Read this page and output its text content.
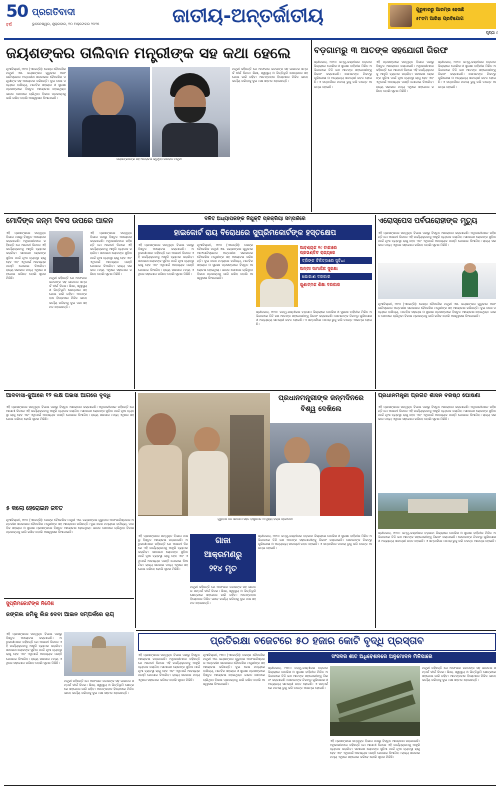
50
ବର୍ଷ
ପ୍ରଗତିବାଦୀ
ଭୁବନେଶ୍ୱର, ଶୁକ୍ରବାର, ୧୦ ଅକ୍ଟୋବର ୨୦୨୫	ଜାତୀୟ-ଅନ୍ତର୍ଜାତୀୟ	ଗୁରୁବାରରୁ ଆରମ୍ଭ ହେଉଛି
୫୮ତମ ଆରିହା ପ୍ରତିଯୋଗ
ପୃଷ୍ଠା ୯
ଜୟଶଙ୍କର ତାଲିବାନ ମନ୍ତ୍ରୀଙ୍କ ସହ କଥା ହେଲେ
ନୂଆଦିଲ୍ଲୀ, ୯ା୧୦ (ଏଜେନ୍ସି): କେନ୍ଦ୍ର ବୈଦେଶିକ ମନ୍ତ୍ରୀ ଏସ. ଜୟଶଙ୍କର ଗୁରୁବାର ଆଫଗାନିସ୍ତାନର ଅନ୍ତରୀଣ ସରକାରର ବୈଦେଶିକ ମନ୍ତ୍ରୀଙ୍କ ସହ ଆଲୋଚନା କରିଛନ୍ତି। ଦୁଇ ଦେଶ ମଧ୍ୟରେ ବାଣିଜ୍ୟ, ମାନବିକ ସହାୟତା ଓ ସୁରକ୍ଷା ପ୍ରସଙ୍ଗରେ ବିସ୍ତୃତ ଆଲୋଚନା ହୋଇଥିଲା। ଭାରତ ସେଠାରେ ଚାଲିଥିବା ବିକାଶ ପ୍ରକଳ୍ପକୁ ଜାରି ରଖିବ ବୋଲି ଆଶ୍ୱାସନା ଦିଆଯାଇଛି।
ଜୟଶଙ୍କରଙ୍କ ସହ ଆଲୋଚନା କରୁଥିବା ତାଲିବାନ ମନ୍ତ୍ରୀ
ମନ୍ତ୍ରୀ କହିଛନ୍ତି ଯେ ଆଫଗାନ ଜନତାଙ୍କ ସହ ଭାରତର ସମ୍ପର୍କ ଦୀର୍ଘ ଦିନର। ଶିକ୍ଷା, ସ୍ୱାସ୍ଥ୍ୟ ଓ ଭିତ୍ତିଭୂମି କ୍ଷେତ୍ରରେ ସହଯୋଗ ଜାରି ରହିବ। ଆତଙ୍କବାଦ ବିରୋଧରେ ମିଳିତ ଭାବେ କାର୍ଯ୍ୟ କରିବାକୁ ଦୁଇ ପକ୍ଷ ସହମତ ହୋଇଛନ୍ତି।
ବଡ଼ଗାମରୁ ୩ ଆତଙ୍କ ସହଯୋଗୀ ଗିରଫ
ଶ୍ରୀନଗର, ୯ା୧୦: ଜମ୍ମୁ-କଶ୍ମୀରର ବଡ଼ଗାମ ଜିଲ୍ଲାରେ ପୋଲିସ ଓ ସୁରକ୍ଷା ବାହିନୀର ମିଳିତ ଅଭିଯାନରେ ତିନି ଜଣ ଆତଙ୍କ ସହଯୋଗୀଙ୍କୁ ଗିରଫ କରାଯାଇଛି। ସେମାନଙ୍କ ନିକଟରୁ ଗୁଳିଗୋଳା ଓ ଅନ୍ୟାନ୍ୟ ସାମଗ୍ରୀ ଜବତ ହୋଇଛି। ଏ ସମ୍ପର୍କରେ ମାମଲା ରୁଜୁ କରି ତଦନ୍ତ ଆରମ୍ଭ ହୋଇଛି।
ଏହି ପ୍ରସଙ୍ଗରେ ସମ୍ପୃକ୍ତ ବିଭାଗ ପକ୍ଷରୁ ବିସ୍ତୃତ ଆଲୋଚନା କରାଯାଇଛି। ଅଧିକାରୀମାନେ କହିଛନ୍ତି ଯେ ଆଗାମୀ ଦିନରେ ଏହି କାର୍ଯ୍ୟକ୍ରମକୁ ଆହୁରି ବ୍ୟାପକ କରାଯିବ। ସାଧାରଣ ଲୋକଙ୍କ ସୁବିଧା ପାଇଁ ନୂଆ ବ୍ୟବସ୍ଥା ଲାଗୁ ହେବ ଏବଂ ଏଥିପାଇଁ ଆବଶ୍ୟକ ପାଣ୍ଠି ଯୋଗାଇ ଦିଆଯିବ। ରାଜ୍ୟ ସରକାର ମଧ୍ୟ ଏଥିରେ ସହଯୋଗ କରିବେ ବୋଲି ସୂଚନା ମିଳିଛି।
ଶ୍ରୀନଗର, ୯ା୧୦: ଜମ୍ମୁ-କଶ୍ମୀରର ବଡ଼ଗାମ ଜିଲ୍ଲାରେ ପୋଲିସ ଓ ସୁରକ୍ଷା ବାହିନୀର ମିଳିତ ଅଭିଯାନରେ ତିନି ଜଣ ଆତଙ୍କ ସହଯୋଗୀଙ୍କୁ ଗିରଫ କରାଯାଇଛି। ସେମାନଙ୍କ ନିକଟରୁ ଗୁଳିଗୋଳା ଓ ଅନ୍ୟାନ୍ୟ ସାମଗ୍ରୀ ଜବତ ହୋଇଛି। ଏ ସମ୍ପର୍କରେ ମାମଲା ରୁଜୁ କରି ତଦନ୍ତ ଆରମ୍ଭ ହୋଇଛି।
ମୋଦିଙ୍କ ଜନ୍ମ ଦିବସ ଉପରେ ପାଳନ
ଏହି ପ୍ରସଙ୍ଗରେ ସମ୍ପୃକ୍ତ ବିଭାଗ ପକ୍ଷରୁ ବିସ୍ତୃତ ଆଲୋଚନା କରାଯାଇଛି। ଅଧିକାରୀମାନେ କହିଛନ୍ତି ଯେ ଆଗାମୀ ଦିନରେ ଏହି କାର୍ଯ୍ୟକ୍ରମକୁ ଆହୁରି ବ୍ୟାପକ କରାଯିବ। ସାଧାରଣ ଲୋକଙ୍କ ସୁବିଧା ପାଇଁ ନୂଆ ବ୍ୟବସ୍ଥା ଲାଗୁ ହେବ ଏବଂ ଏଥିପାଇଁ ଆବଶ୍ୟକ ପାଣ୍ଠି ଯୋଗାଇ ଦିଆଯିବ। ରାଜ୍ୟ ସରକାର ମଧ୍ୟ ଏଥିରେ ସହଯୋଗ କରିବେ ବୋଲି ସୂଚନା ମିଳିଛି।	ମନ୍ତ୍ରୀ କହିଛନ୍ତି ଯେ ଆଫଗାନ ଜନତାଙ୍କ ସହ ଭାରତର ସମ୍ପର୍କ ଦୀର୍ଘ ଦିନର। ଶିକ୍ଷା, ସ୍ୱାସ୍ଥ୍ୟ ଓ ଭିତ୍ତିଭୂମି କ୍ଷେତ୍ରରେ ସହଯୋଗ ଜାରି ରହିବ। ଆତଙ୍କବାଦ ବିରୋଧରେ ମିଳିତ ଭାବେ କାର୍ଯ୍ୟ କରିବାକୁ ଦୁଇ ପକ୍ଷ ସହମତ ହୋଇଛନ୍ତି।
ଏହି ପ୍ରସଙ୍ଗରେ ସମ୍ପୃକ୍ତ ବିଭାଗ ପକ୍ଷରୁ ବିସ୍ତୃତ ଆଲୋଚନା କରାଯାଇଛି। ଅଧିକାରୀମାନେ କହିଛନ୍ତି ଯେ ଆଗାମୀ ଦିନରେ ଏହି କାର୍ଯ୍ୟକ୍ରମକୁ ଆହୁରି ବ୍ୟାପକ କରାଯିବ। ସାଧାରଣ ଲୋକଙ୍କ ସୁବିଧା ପାଇଁ ନୂଆ ବ୍ୟବସ୍ଥା ଲାଗୁ ହେବ ଏବଂ ଏଥିପାଇଁ ଆବଶ୍ୟକ ପାଣ୍ଠି ଯୋଗାଇ ଦିଆଯିବ। ରାଜ୍ୟ ସରକାର ମଧ୍ୟ ଏଥିରେ ସହଯୋଗ କରିବେ ବୋଲି ସୂଚନା ମିଳିଛି।
ଦଳିତ ଅଧ୍ୟାପକଙ୍କ ନିଯୁକ୍ତି ପ୍ରକ୍ରିୟା ସମ୍ପର୍କରେ
ହାଇକୋର୍ଟ ରାୟ ବିରୋଧରେ ସୁପ୍ରିମକୋର୍ଟଙ୍କ ହସ୍ତକ୍ଷେପ
ଏହି ପ୍ରସଙ୍ଗରେ ସମ୍ପୃକ୍ତ ବିଭାଗ ପକ୍ଷରୁ ବିସ୍ତୃତ ଆଲୋଚନା କରାଯାଇଛି। ଅଧିକାରୀମାନେ କହିଛନ୍ତି ଯେ ଆଗାମୀ ଦିନରେ ଏହି କାର୍ଯ୍ୟକ୍ରମକୁ ଆହୁରି ବ୍ୟାପକ କରାଯିବ। ସାଧାରଣ ଲୋକଙ୍କ ସୁବିଧା ପାଇଁ ନୂଆ ବ୍ୟବସ୍ଥା ଲାଗୁ ହେବ ଏବଂ ଏଥିପାଇଁ ଆବଶ୍ୟକ ପାଣ୍ଠି ଯୋଗାଇ ଦିଆଯିବ। ରାଜ୍ୟ ସରକାର ମଧ୍ୟ ଏଥିରେ ସହଯୋଗ କରିବେ ବୋଲି ସୂଚନା ମିଳିଛି।
ନୂଆଦିଲ୍ଲୀ, ୯ା୧୦ (ଏଜେନ୍ସି): କେନ୍ଦ୍ର ବୈଦେଶିକ ମନ୍ତ୍ରୀ ଏସ. ଜୟଶଙ୍କର ଗୁରୁବାର ଆଫଗାନିସ୍ତାନର ଅନ୍ତରୀଣ ସରକାରର ବୈଦେଶିକ ମନ୍ତ୍ରୀଙ୍କ ସହ ଆଲୋଚନା କରିଛନ୍ତି। ଦୁଇ ଦେଶ ମଧ୍ୟରେ ବାଣିଜ୍ୟ, ମାନବିକ ସହାୟତା ଓ ସୁରକ୍ଷା ପ୍ରସଙ୍ଗରେ ବିସ୍ତୃତ ଆଲୋଚନା ହୋଇଥିଲା। ଭାରତ ସେଠାରେ ଚାଲିଥିବା ବିକାଶ ପ୍ରକଳ୍ପକୁ ଜାରି ରଖିବ ବୋଲି ଆଶ୍ୱାସନା ଦିଆଯାଇଛି।
ଆବଶ୍ୟକ ୧୯ ଟାକାରେ
ପ୍ରଭଣ୍ଡିତ ରାଜ୍ୟରେ
ଦ୍ରିଙ୍କ ଚିକିତ୍ସାରେ ସୁବିଧା
ଅନ୍ତଃ ସାମାଜିକ ସୁରକ୍ଷା
ଯୋଗାଣ ଦରକାର
ଗୁଣାତ୍ମକ ଶିକ୍ଷା ଦରକାର
ଶ୍ରୀନଗର, ୯ା୧୦: ଜମ୍ମୁ-କଶ୍ମୀରର ବଡ଼ଗାମ ଜିଲ୍ଲାରେ ପୋଲିସ ଓ ସୁରକ୍ଷା ବାହିନୀର ମିଳିତ ଅଭିଯାନରେ ତିନି ଜଣ ଆତଙ୍କ ସହଯୋଗୀଙ୍କୁ ଗିରଫ କରାଯାଇଛି। ସେମାନଙ୍କ ନିକଟରୁ ଗୁଳିଗୋଳା ଓ ଅନ୍ୟାନ୍ୟ ସାମଗ୍ରୀ ଜବତ ହୋଇଛି। ଏ ସମ୍ପର୍କରେ ମାମଲା ରୁଜୁ କରି ତଦନ୍ତ ଆରମ୍ଭ ହୋଇଛି।
ଏରୋସ୍ପେସ ପର୍ବତାରୋହୀଙ୍କ ମୃତ୍ୟୁ
ଏହି ପ୍ରସଙ୍ଗରେ ସମ୍ପୃକ୍ତ ବିଭାଗ ପକ୍ଷରୁ ବିସ୍ତୃତ ଆଲୋଚନା କରାଯାଇଛି। ଅଧିକାରୀମାନେ କହିଛନ୍ତି ଯେ ଆଗାମୀ ଦିନରେ ଏହି କାର୍ଯ୍ୟକ୍ରମକୁ ଆହୁରି ବ୍ୟାପକ କରାଯିବ। ସାଧାରଣ ଲୋକଙ୍କ ସୁବିଧା ପାଇଁ ନୂଆ ବ୍ୟବସ୍ଥା ଲାଗୁ ହେବ ଏବଂ ଏଥିପାଇଁ ଆବଶ୍ୟକ ପାଣ୍ଠି ଯୋଗାଇ ଦିଆଯିବ। ରାଜ୍ୟ ସରକାର ମଧ୍ୟ ଏଥିରେ ସହଯୋଗ କରିବେ ବୋଲି ସୂଚନା ମିଳିଛି।
ନୂଆଦିଲ୍ଲୀ, ୯ା୧୦ (ଏଜେନ୍ସି): କେନ୍ଦ୍ର ବୈଦେଶିକ ମନ୍ତ୍ରୀ ଏସ. ଜୟଶଙ୍କର ଗୁରୁବାର ଆଫଗାନିସ୍ତାନର ଅନ୍ତରୀଣ ସରକାରର ବୈଦେଶିକ ମନ୍ତ୍ରୀଙ୍କ ସହ ଆଲୋଚନା କରିଛନ୍ତି। ଦୁଇ ଦେଶ ମଧ୍ୟରେ ବାଣିଜ୍ୟ, ମାନବିକ ସହାୟତା ଓ ସୁରକ୍ଷା ପ୍ରସଙ୍ଗରେ ବିସ୍ତୃତ ଆଲୋଚନା ହୋଇଥିଲା। ଭାରତ ସେଠାରେ ଚାଲିଥିବା ବିକାଶ ପ୍ରକଳ୍ପକୁ ଜାରି ରଖିବ ବୋଲି ଆଶ୍ୱାସନା ଦିଆଯାଇଛି।
ଆଦିବାସୀ-ଜୁଆରେ ୧୨ ଲକ୍ଷ ପଇସା ଆଗରେ ବୃଦ୍ଧି
ଏହି ପ୍ରସଙ୍ଗରେ ସମ୍ପୃକ୍ତ ବିଭାଗ ପକ୍ଷରୁ ବିସ୍ତୃତ ଆଲୋଚନା କରାଯାଇଛି। ଅଧିକାରୀମାନେ କହିଛନ୍ତି ଯେ ଆଗାମୀ ଦିନରେ ଏହି କାର୍ଯ୍ୟକ୍ରମକୁ ଆହୁରି ବ୍ୟାପକ କରାଯିବ। ସାଧାରଣ ଲୋକଙ୍କ ସୁବିଧା ପାଇଁ ନୂଆ ବ୍ୟବସ୍ଥା ଲାଗୁ ହେବ ଏବଂ ଏଥିପାଇଁ ଆବଶ୍ୟକ ପାଣ୍ଠି ଯୋଗାଇ ଦିଆଯିବ। ରାଜ୍ୟ ସରକାର ମଧ୍ୟ ଏଥିରେ ସହଯୋଗ କରିବେ ବୋଲି ସୂଚନା ମିଳିଛି।
ପ୍ରଧାନମନ୍ତ୍ରୀଙ୍କ ଜନ୍ମଦିନରେ
ବିଶ୍ୱ ଦେଖିଲେ
ଗୁରୁବାର ଦିନ ସମାଗମ ସହିତ ରାଷ୍ଟ୍ରପତି ଓ ମୁଖ୍ୟ ବକ୍ତା ଦ୍ରୌପଦୀ
ପ୍ରଧାନମନ୍ତ୍ରୀ ପ୍ରଗତି ଶାସନ ବରିଷ୍ଠ ଘୋଷଣା
ଏହି ପ୍ରସଙ୍ଗରେ ସମ୍ପୃକ୍ତ ବିଭାଗ ପକ୍ଷରୁ ବିସ୍ତୃତ ଆଲୋଚନା କରାଯାଇଛି। ଅଧିକାରୀମାନେ କହିଛନ୍ତି ଯେ ଆଗାମୀ ଦିନରେ ଏହି କାର୍ଯ୍ୟକ୍ରମକୁ ଆହୁରି ବ୍ୟାପକ କରାଯିବ। ସାଧାରଣ ଲୋକଙ୍କ ସୁବିଧା ପାଇଁ ନୂଆ ବ୍ୟବସ୍ଥା ଲାଗୁ ହେବ ଏବଂ ଏଥିପାଇଁ ଆବଶ୍ୟକ ପାଣ୍ଠି ଯୋଗାଇ ଦିଆଯିବ। ରାଜ୍ୟ ସରକାର ମଧ୍ୟ ଏଥିରେ ସହଯୋଗ କରିବେ ବୋଲି ସୂଚନା ମିଳିଛି।
ଶ୍ରୀନଗର, ୯ା୧୦: ଜମ୍ମୁ-କଶ୍ମୀରର ବଡ଼ଗାମ ଜିଲ୍ଲାରେ ପୋଲିସ ଓ ସୁରକ୍ଷା ବାହିନୀର ମିଳିତ ଅଭିଯାନରେ ତିନି ଜଣ ଆତଙ୍କ ସହଯୋଗୀଙ୍କୁ ଗିରଫ କରାଯାଇଛି। ସେମାନଙ୍କ ନିକଟରୁ ଗୁଳିଗୋଳା ଓ ଅନ୍ୟାନ୍ୟ ସାମଗ୍ରୀ ଜବତ ହୋଇଛି। ଏ ସମ୍ପର୍କରେ ମାମଲା ରୁଜୁ କରି ତଦନ୍ତ ଆରମ୍ଭ ହୋଇଛି।
୫ କିଲୋ ହେରୋଇନ ଜବତ
ନୂଆଦିଲ୍ଲୀ, ୯ା୧୦ (ଏଜେନ୍ସି): କେନ୍ଦ୍ର ବୈଦେଶିକ ମନ୍ତ୍ରୀ ଏସ. ଜୟଶଙ୍କର ଗୁରୁବାର ଆଫଗାନିସ୍ତାନର ଅନ୍ତରୀଣ ସରକାରର ବୈଦେଶିକ ମନ୍ତ୍ରୀଙ୍କ ସହ ଆଲୋଚନା କରିଛନ୍ତି। ଦୁଇ ଦେଶ ମଧ୍ୟରେ ବାଣିଜ୍ୟ, ମାନବିକ ସହାୟତା ଓ ସୁରକ୍ଷା ପ୍ରସଙ୍ଗରେ ବିସ୍ତୃତ ଆଲୋଚନା ହୋଇଥିଲା। ଭାରତ ସେଠାରେ ଚାଲିଥିବା ବିକାଶ ପ୍ରକଳ୍ପକୁ ଜାରି ରଖିବ ବୋଲି ଆଶ୍ୱାସନା ଦିଆଯାଇଛି।
ଗାଜା
ଆକ୍ରମଣରୁ
୨୧୪ ମୃତ
ଏହି ପ୍ରସଙ୍ଗରେ ସମ୍ପୃକ୍ତ ବିଭାଗ ପକ୍ଷରୁ ବିସ୍ତୃତ ଆଲୋଚନା କରାଯାଇଛି। ଅଧିକାରୀମାନେ କହିଛନ୍ତି ଯେ ଆଗାମୀ ଦିନରେ ଏହି କାର୍ଯ୍ୟକ୍ରମକୁ ଆହୁରି ବ୍ୟାପକ କରାଯିବ। ସାଧାରଣ ଲୋକଙ୍କ ସୁବିଧା ପାଇଁ ନୂଆ ବ୍ୟବସ୍ଥା ଲାଗୁ ହେବ ଏବଂ ଏଥିପାଇଁ ଆବଶ୍ୟକ ପାଣ୍ଠି ଯୋଗାଇ ଦିଆଯିବ। ରାଜ୍ୟ ସରକାର ମଧ୍ୟ ଏଥିରେ ସହଯୋଗ କରିବେ ବୋଲି ସୂଚନା ମିଳିଛି।
ଶ୍ରୀନଗର, ୯ା୧୦: ଜମ୍ମୁ-କଶ୍ମୀରର ବଡ଼ଗାମ ଜିଲ୍ଲାରେ ପୋଲିସ ଓ ସୁରକ୍ଷା ବାହିନୀର ମିଳିତ ଅଭିଯାନରେ ତିନି ଜଣ ଆତଙ୍କ ସହଯୋଗୀଙ୍କୁ ଗିରଫ କରାଯାଇଛି। ସେମାନଙ୍କ ନିକଟରୁ ଗୁଳିଗୋଳା ଓ ଅନ୍ୟାନ୍ୟ ସାମଗ୍ରୀ ଜବତ ହୋଇଛି। ଏ ସମ୍ପର୍କରେ ମାମଲା ରୁଜୁ କରି ତଦନ୍ତ ଆରମ୍ଭ ହୋଇଛି।
ମନ୍ତ୍ରୀ କହିଛନ୍ତି ଯେ ଆଫଗାନ ଜନତାଙ୍କ ସହ ଭାରତର ସମ୍ପର୍କ ଦୀର୍ଘ ଦିନର। ଶିକ୍ଷା, ସ୍ୱାସ୍ଥ୍ୟ ଓ ଭିତ୍ତିଭୂମି କ୍ଷେତ୍ରରେ ସହଯୋଗ ଜାରି ରହିବ। ଆତଙ୍କବାଦ ବିରୋଧରେ ମିଳିତ ଭାବେ କାର୍ଯ୍ୟ କରିବାକୁ ଦୁଇ ପକ୍ଷ ସହମତ ହୋଇଛନ୍ତି।
ସୁପ୍ରିମକୋର୍ଟଙ୍କ ନିର୍ଦ୍ଦେଶ
ଜଙ୍ଗଲ ଜମିକୁ ଲିଜ ଦେବା ଆଇନ ସମ୍ପର୍କରେ ରାୟ
ଏହି ପ୍ରସଙ୍ଗରେ ସମ୍ପୃକ୍ତ ବିଭାଗ ପକ୍ଷରୁ ବିସ୍ତୃତ ଆଲୋଚନା କରାଯାଇଛି। ଅଧିକାରୀମାନେ କହିଛନ୍ତି ଯେ ଆଗାମୀ ଦିନରେ ଏହି କାର୍ଯ୍ୟକ୍ରମକୁ ଆହୁରି ବ୍ୟାପକ କରାଯିବ। ସାଧାରଣ ଲୋକଙ୍କ ସୁବିଧା ପାଇଁ ନୂଆ ବ୍ୟବସ୍ଥା ଲାଗୁ ହେବ ଏବଂ ଏଥିପାଇଁ ଆବଶ୍ୟକ ପାଣ୍ଠି ଯୋଗାଇ ଦିଆଯିବ। ରାଜ୍ୟ ସରକାର ମଧ୍ୟ ଏଥିରେ ସହଯୋଗ କରିବେ ବୋଲି ସୂଚନା ମିଳିଛି।
ମନ୍ତ୍ରୀ କହିଛନ୍ତି ଯେ ଆଫଗାନ ଜନତାଙ୍କ ସହ ଭାରତର ସମ୍ପର୍କ ଦୀର୍ଘ ଦିନର। ଶିକ୍ଷା, ସ୍ୱାସ୍ଥ୍ୟ ଓ ଭିତ୍ତିଭୂମି କ୍ଷେତ୍ରରେ ସହଯୋଗ ଜାରି ରହିବ। ଆତଙ୍କବାଦ ବିରୋଧରେ ମିଳିତ ଭାବେ କାର୍ଯ୍ୟ କରିବାକୁ ଦୁଇ ପକ୍ଷ ସହମତ ହୋଇଛନ୍ତି।
ପ୍ରତିରକ୍ଷା ବଜେଟରେ ୫୦ ହଜାର କୋଟି ବୃଦ୍ଧି ପ୍ରସ୍ତାବ
ସଂସଦର ଶୀତ ଅଧିବେଶନରେ ଅନୁମୋଦନ ମିଳିପାରେ
ଏହି ପ୍ରସଙ୍ଗରେ ସମ୍ପୃକ୍ତ ବିଭାଗ ପକ୍ଷରୁ ବିସ୍ତୃତ ଆଲୋଚନା କରାଯାଇଛି। ଅଧିକାରୀମାନେ କହିଛନ୍ତି ଯେ ଆଗାମୀ ଦିନରେ ଏହି କାର୍ଯ୍ୟକ୍ରମକୁ ଆହୁରି ବ୍ୟାପକ କରାଯିବ। ସାଧାରଣ ଲୋକଙ୍କ ସୁବିଧା ପାଇଁ ନୂଆ ବ୍ୟବସ୍ଥା ଲାଗୁ ହେବ ଏବଂ ଏଥିପାଇଁ ଆବଶ୍ୟକ ପାଣ୍ଠି ଯୋଗାଇ ଦିଆଯିବ। ରାଜ୍ୟ ସରକାର ମଧ୍ୟ ଏଥିରେ ସହଯୋଗ କରିବେ ବୋଲି ସୂଚନା ମିଳିଛି।
ନୂଆଦିଲ୍ଲୀ, ୯ା୧୦ (ଏଜେନ୍ସି): କେନ୍ଦ୍ର ବୈଦେଶିକ ମନ୍ତ୍ରୀ ଏସ. ଜୟଶଙ୍କର ଗୁରୁବାର ଆଫଗାନିସ୍ତାନର ଅନ୍ତରୀଣ ସରକାରର ବୈଦେଶିକ ମନ୍ତ୍ରୀଙ୍କ ସହ ଆଲୋଚନା କରିଛନ୍ତି। ଦୁଇ ଦେଶ ମଧ୍ୟରେ ବାଣିଜ୍ୟ, ମାନବିକ ସହାୟତା ଓ ସୁରକ୍ଷା ପ୍ରସଙ୍ଗରେ ବିସ୍ତୃତ ଆଲୋଚନା ହୋଇଥିଲା। ଭାରତ ସେଠାରେ ଚାଲିଥିବା ବିକାଶ ପ୍ରକଳ୍ପକୁ ଜାରି ରଖିବ ବୋଲି ଆଶ୍ୱାସନା ଦିଆଯାଇଛି।
ଶ୍ରୀନଗର, ୯ା୧୦: ଜମ୍ମୁ-କଶ୍ମୀରର ବଡ଼ଗାମ ଜିଲ୍ଲାରେ ପୋଲିସ ଓ ସୁରକ୍ଷା ବାହିନୀର ମିଳିତ ଅଭିଯାନରେ ତିନି ଜଣ ଆତଙ୍କ ସହଯୋଗୀଙ୍କୁ ଗିରଫ କରାଯାଇଛି। ସେମାନଙ୍କ ନିକଟରୁ ଗୁଳିଗୋଳା ଓ ଅନ୍ୟାନ୍ୟ ସାମଗ୍ରୀ ଜବତ ହୋଇଛି। ଏ ସମ୍ପର୍କରେ ମାମଲା ରୁଜୁ କରି ତଦନ୍ତ ଆରମ୍ଭ ହୋଇଛି।
ମନ୍ତ୍ରୀ କହିଛନ୍ତି ଯେ ଆଫଗାନ ଜନତାଙ୍କ ସହ ଭାରତର ସମ୍ପର୍କ ଦୀର୍ଘ ଦିନର। ଶିକ୍ଷା, ସ୍ୱାସ୍ଥ୍ୟ ଓ ଭିତ୍ତିଭୂମି କ୍ଷେତ୍ରରେ ସହଯୋଗ ଜାରି ରହିବ। ଆତଙ୍କବାଦ ବିରୋଧରେ ମିଳିତ ଭାବେ କାର୍ଯ୍ୟ କରିବାକୁ ଦୁଇ ପକ୍ଷ ସହମତ ହୋଇଛନ୍ତି।
ଏହି ପ୍ରସଙ୍ଗରେ ସମ୍ପୃକ୍ତ ବିଭାଗ ପକ୍ଷରୁ ବିସ୍ତୃତ ଆଲୋଚନା କରାଯାଇଛି। ଅଧିକାରୀମାନେ କହିଛନ୍ତି ଯେ ଆଗାମୀ ଦିନରେ ଏହି କାର୍ଯ୍ୟକ୍ରମକୁ ଆହୁରି ବ୍ୟାପକ କରାଯିବ। ସାଧାରଣ ଲୋକଙ୍କ ସୁବିଧା ପାଇଁ ନୂଆ ବ୍ୟବସ୍ଥା ଲାଗୁ ହେବ ଏବଂ ଏଥିପାଇଁ ଆବଶ୍ୟକ ପାଣ୍ଠି ଯୋଗାଇ ଦିଆଯିବ। ରାଜ୍ୟ ସରକାର ମଧ୍ୟ ଏଥିରେ ସହଯୋଗ କରିବେ ବୋଲି ସୂଚନା ମିଳିଛି।
